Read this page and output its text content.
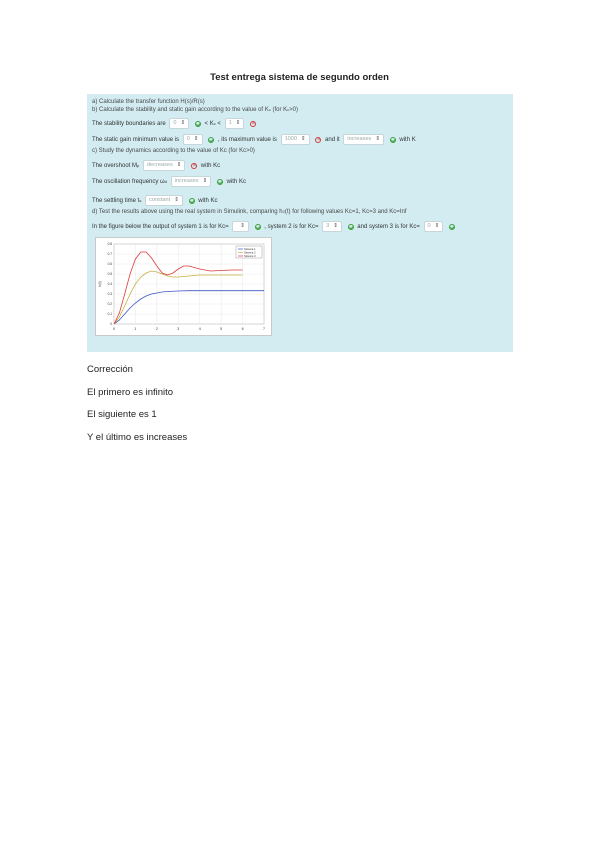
Test entrega sistema de segundo orden
a) Calculate the transfer function H(s)/R(s)
b) Calculate the stability and static gain according to the value of Kc (for Kc>0)
The stability boundaries are 0 ⇕	< Kc < 1 ⇕ ×
The static gain minimum value is 0 ⇕	, its maximum value is 1000 ⇕ ×	and it increases ⇕	with K
c) Study the dynamics according to the value of Kc (for Kc>0)
The overshoot Mp decreases ⇕ ×	with Kc
The oscillation frequency ωd increases ⇕	with Kc
The settling time ts constant ⇕	with Kc
d) Test the results above using the real system in Simulink, comparing h2(t) for following values Kc=1, Kc=3 and Kc=Inf
In the figure below the output of system 1 is for Kc= ⇕	, system 2 is for Kc= 3 ⇕	and system 3 is for Kc= 0 ⇕
0	1	2	3	4	5	6	7
0
0.1
0.2
0.3
0.4
0.5
0.6
0.7
0.8
h(t)
Sistema 1
Sistema 2
Sistema 3
Corrección
El primero es infinito
El siguiente es 1
Y el último es increases
